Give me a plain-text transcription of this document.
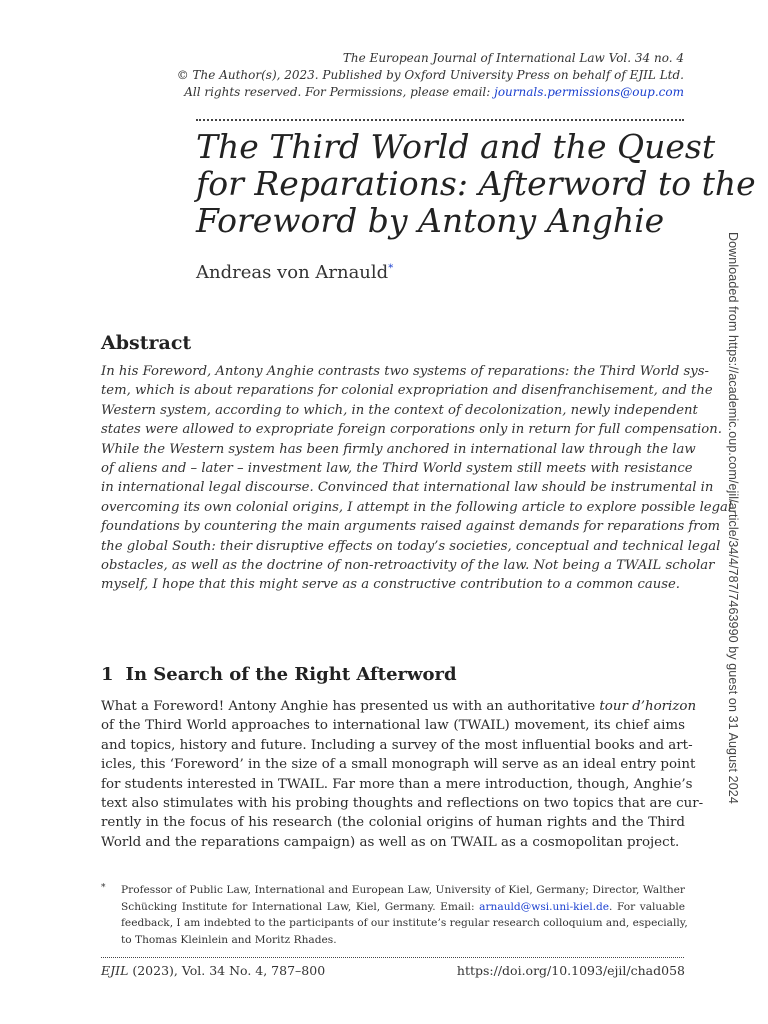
The European Journal of International Law Vol. 34 no. 4
© The Author(s), 2023. Published by Oxford University Press on behalf of EJIL Ltd.
All rights reserved. For Permissions, please email: journals.permissions@oup.com
The Third World and the Quest
for Reparations: Afterword to the
Foreword by Antony Anghie
Andreas von Arnauld*
Abstract
In his Foreword, Antony Anghie contrasts two systems of reparations: the Third World sys-
tem, which is about reparations for colonial expropriation and disenfranchisement, and the
Western system, according to which, in the context of decolonization, newly independent
states were allowed to expropriate foreign corporations only in return for full compensation.
While the Western system has been firmly anchored in international law through the law
of aliens and – later – investment law, the Third World system still meets with resistance
in international legal discourse. Convinced that international law should be instrumental in
overcoming its own colonial origins, I attempt in the following article to explore possible legal
foundations by countering the main arguments raised against demands for reparations from
the global South: their disruptive effects on today’s societies, conceptual and technical legal
obstacles, as well as the doctrine of non-retroactivity of the law. Not being a TWAIL scholar
myself, I hope that this might serve as a constructive contribution to a common cause.
1 In Search of the Right Afterword
What a Foreword! Antony Anghie has presented us with an authoritative tour d’horizon
of the Third World approaches to international law (TWAIL) movement, its chief aims
and topics, history and future. Including a survey of the most influential books and art-
icles, this ‘Foreword’ in the size of a small monograph will serve as an ideal entry point
for students interested in TWAIL. Far more than a mere introduction, though, Anghie’s
text also stimulates with his probing thoughts and reflections on two topics that are cur-
rently in the focus of his research (the colonial origins of human rights and the Third
World and the reparations campaign) as well as on TWAIL as a cosmopolitan project.
* Professor of Public Law, International and European Law, University of Kiel, Germany; Director, Walther
Schücking Institute for International Law, Kiel, Germany. Email: arnauld@wsi.uni-kiel.de. For valuable
feedback, I am indebted to the participants of our institute’s regular research colloquium and, especially,
to Thomas Kleinlein and Moritz Rhades.
EJIL (2023), Vol. 34 No. 4, 787–800	https://doi.org/10.1093/ejil/chad058
Downloaded from https://academic.oup.com/ejil/article/34/4/787/7463990 by guest on 31 August 2024
